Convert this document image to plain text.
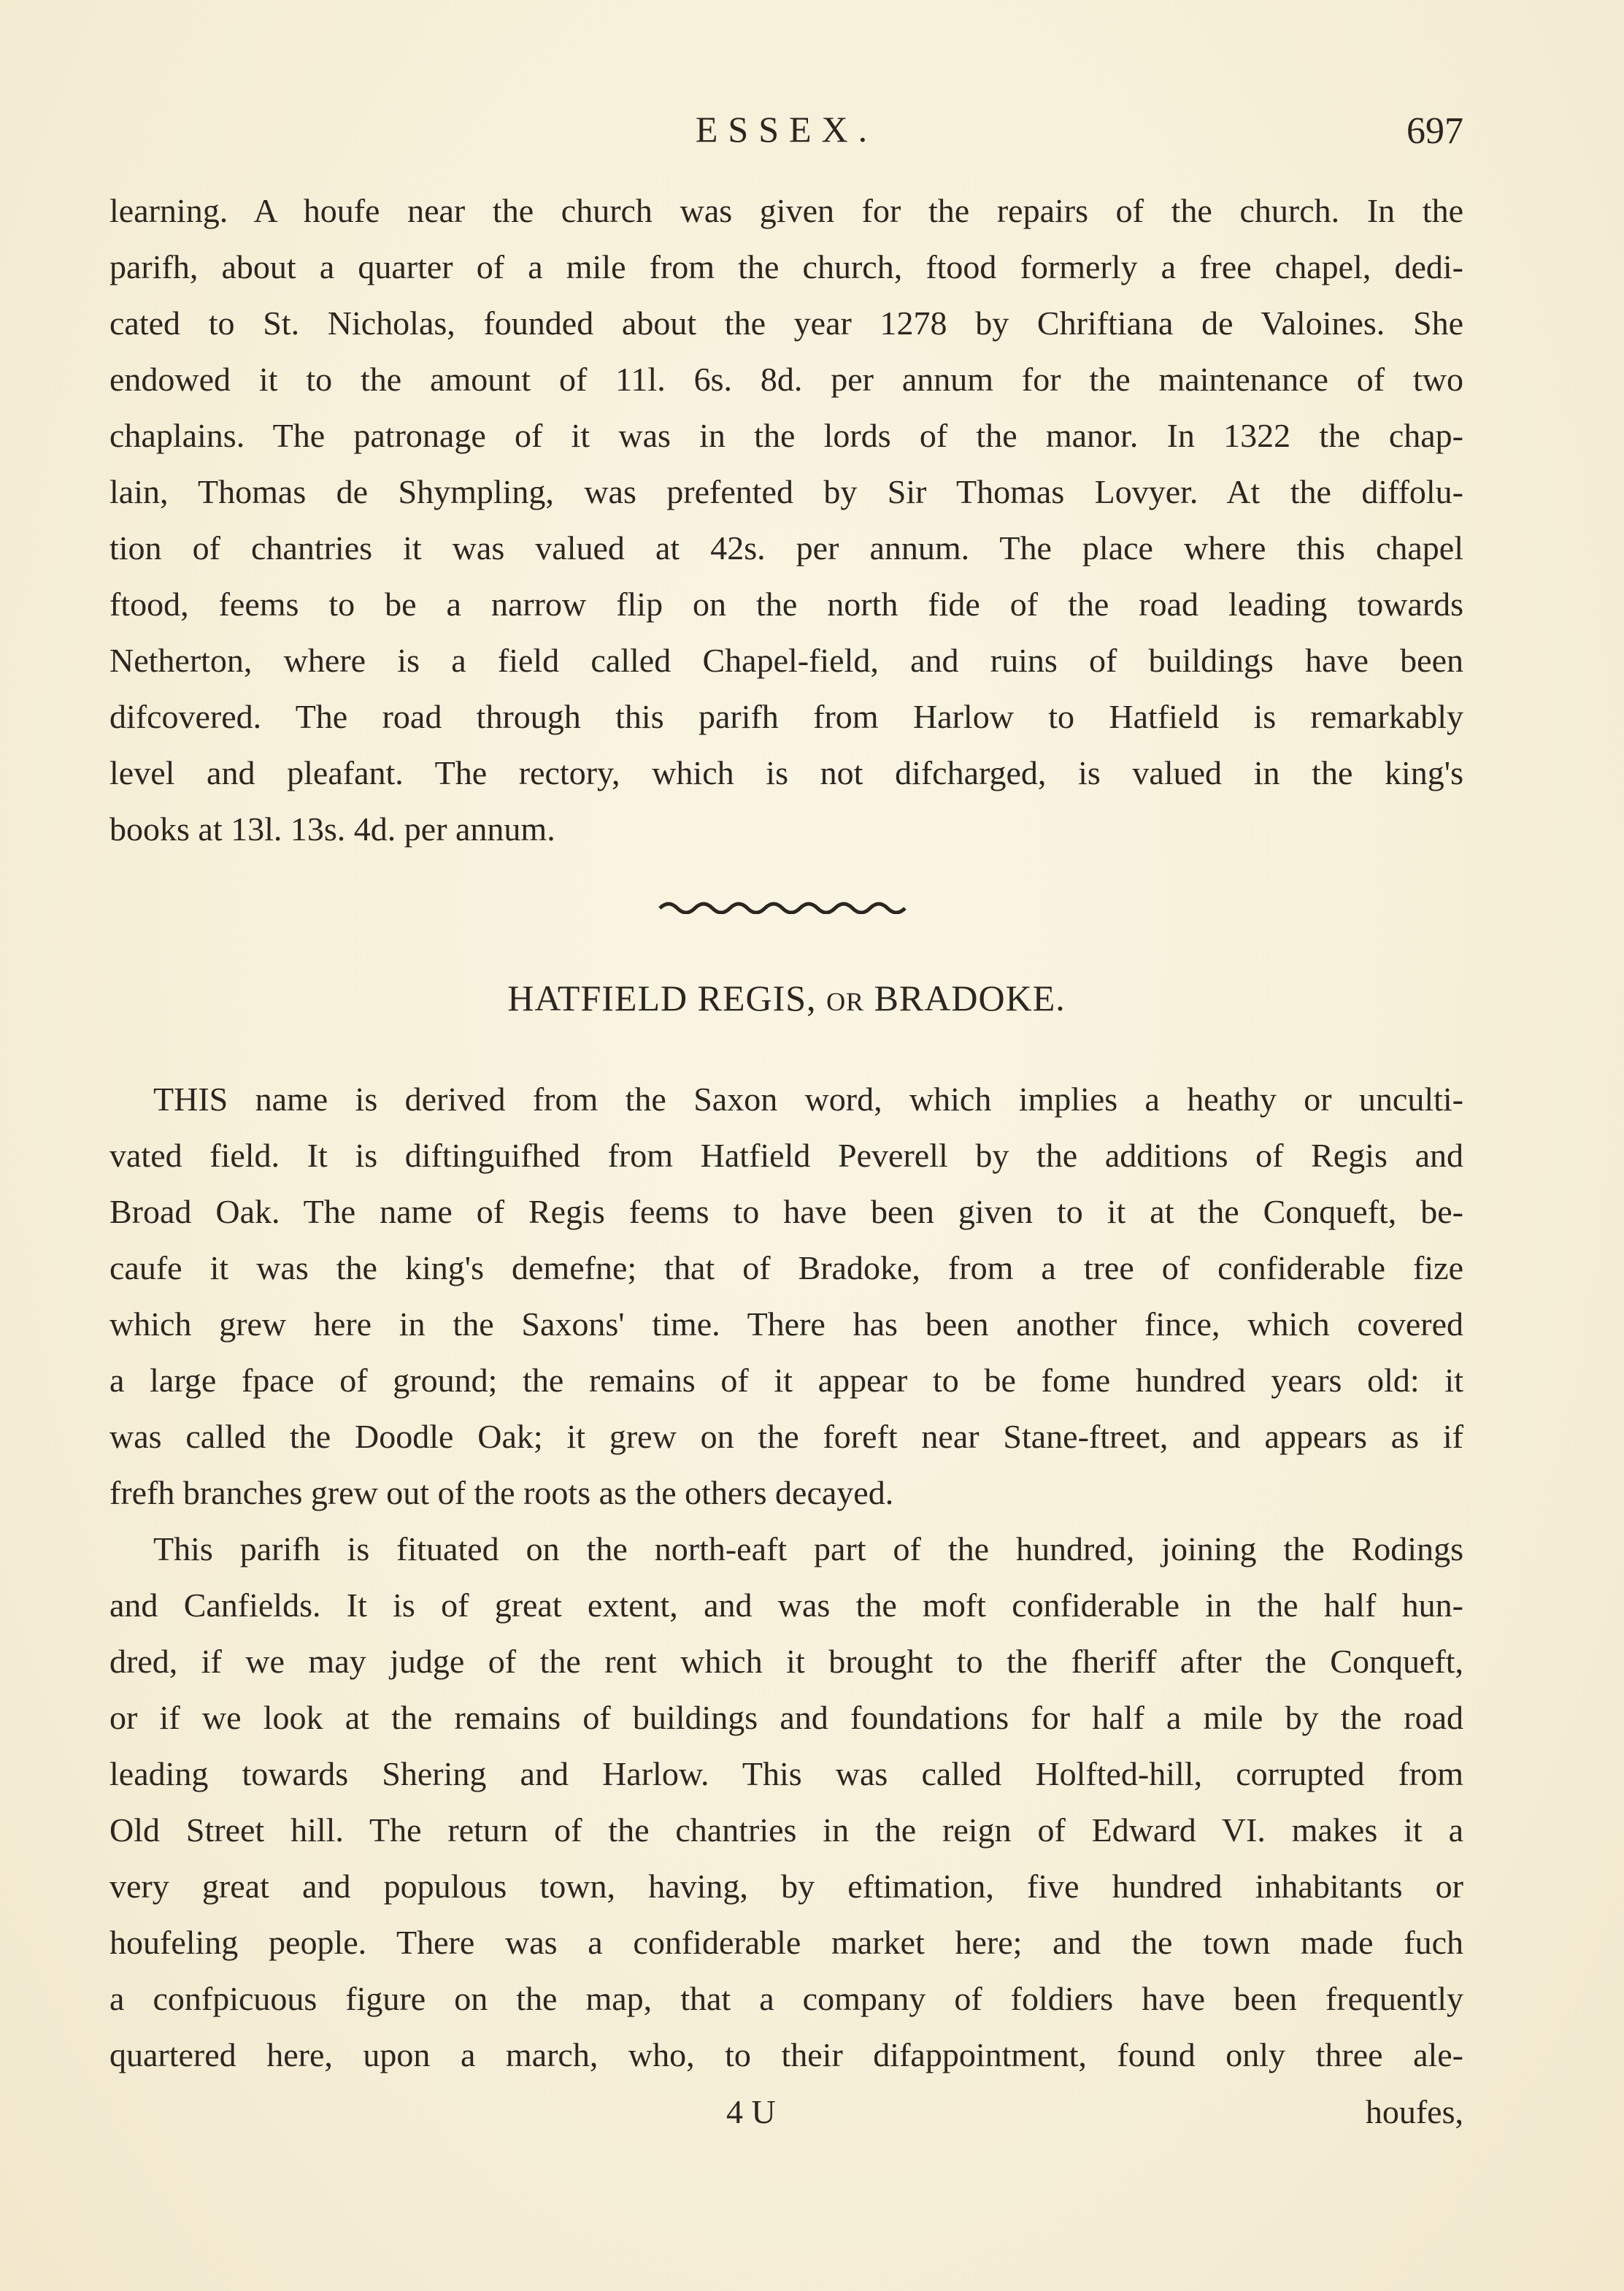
ESSEX.	697
learning. A houfe near the church was given for the repairs of the church. In the
parifh, about a quarter of a mile from the church, ftood formerly a free chapel, dedi-
cated to St. Nicholas, founded about the year 1278 by Chriftiana de Valoines. She
endowed it to the amount of 11l. 6s. 8d. per annum for the maintenance of two
chaplains. The patronage of it was in the lords of the manor. In 1322 the chap-
lain, Thomas de Shympling, was prefented by Sir Thomas Lovyer. At the diffolu-
tion of chantries it was valued at 42s. per annum. The place where this chapel
ftood, feems to be a narrow flip on the north fide of the road leading towards
Netherton, where is a field called Chapel-field, and ruins of buildings have been
difcovered. The road through this parifh from Harlow to Hatfield is remarkably
level and pleafant. The rectory, which is not difcharged, is valued in the king's
books at 13l. 13s. 4d. per annum.
HATFIELD REGIS, OR BRADOKE.
THIS name is derived from the Saxon word, which implies a heathy or unculti-
vated field. It is diftinguifhed from Hatfield Peverell by the additions of Regis and
Broad Oak. The name of Regis feems to have been given to it at the Conqueft, be-
caufe it was the king's demefne; that of Bradoke, from a tree of confiderable fize
which grew here in the Saxons' time. There has been another fince, which covered
a large fpace of ground; the remains of it appear to be fome hundred years old: it
was called the Doodle Oak; it grew on the foreft near Stane-ftreet, and appears as if
frefh branches grew out of the roots as the others decayed.
This parifh is fituated on the north-eaft part of the hundred, joining the Rodings
and Canfields. It is of great extent, and was the moft confiderable in the half hun-
dred, if we may judge of the rent which it brought to the fheriff after the Conqueft,
or if we look at the remains of buildings and foundations for half a mile by the road
leading towards Shering and Harlow. This was called Holfted-hill, corrupted from
Old Street hill. The return of the chantries in the reign of Edward VI. makes it a
very great and populous town, having, by eftimation, five hundred inhabitants or
houfeling people. There was a confiderable market here; and the town made fuch
a confpicuous figure on the map, that a company of foldiers have been frequently
quartered here, upon a march, who, to their difappointment, found only three ale-
4 U	houfes,
